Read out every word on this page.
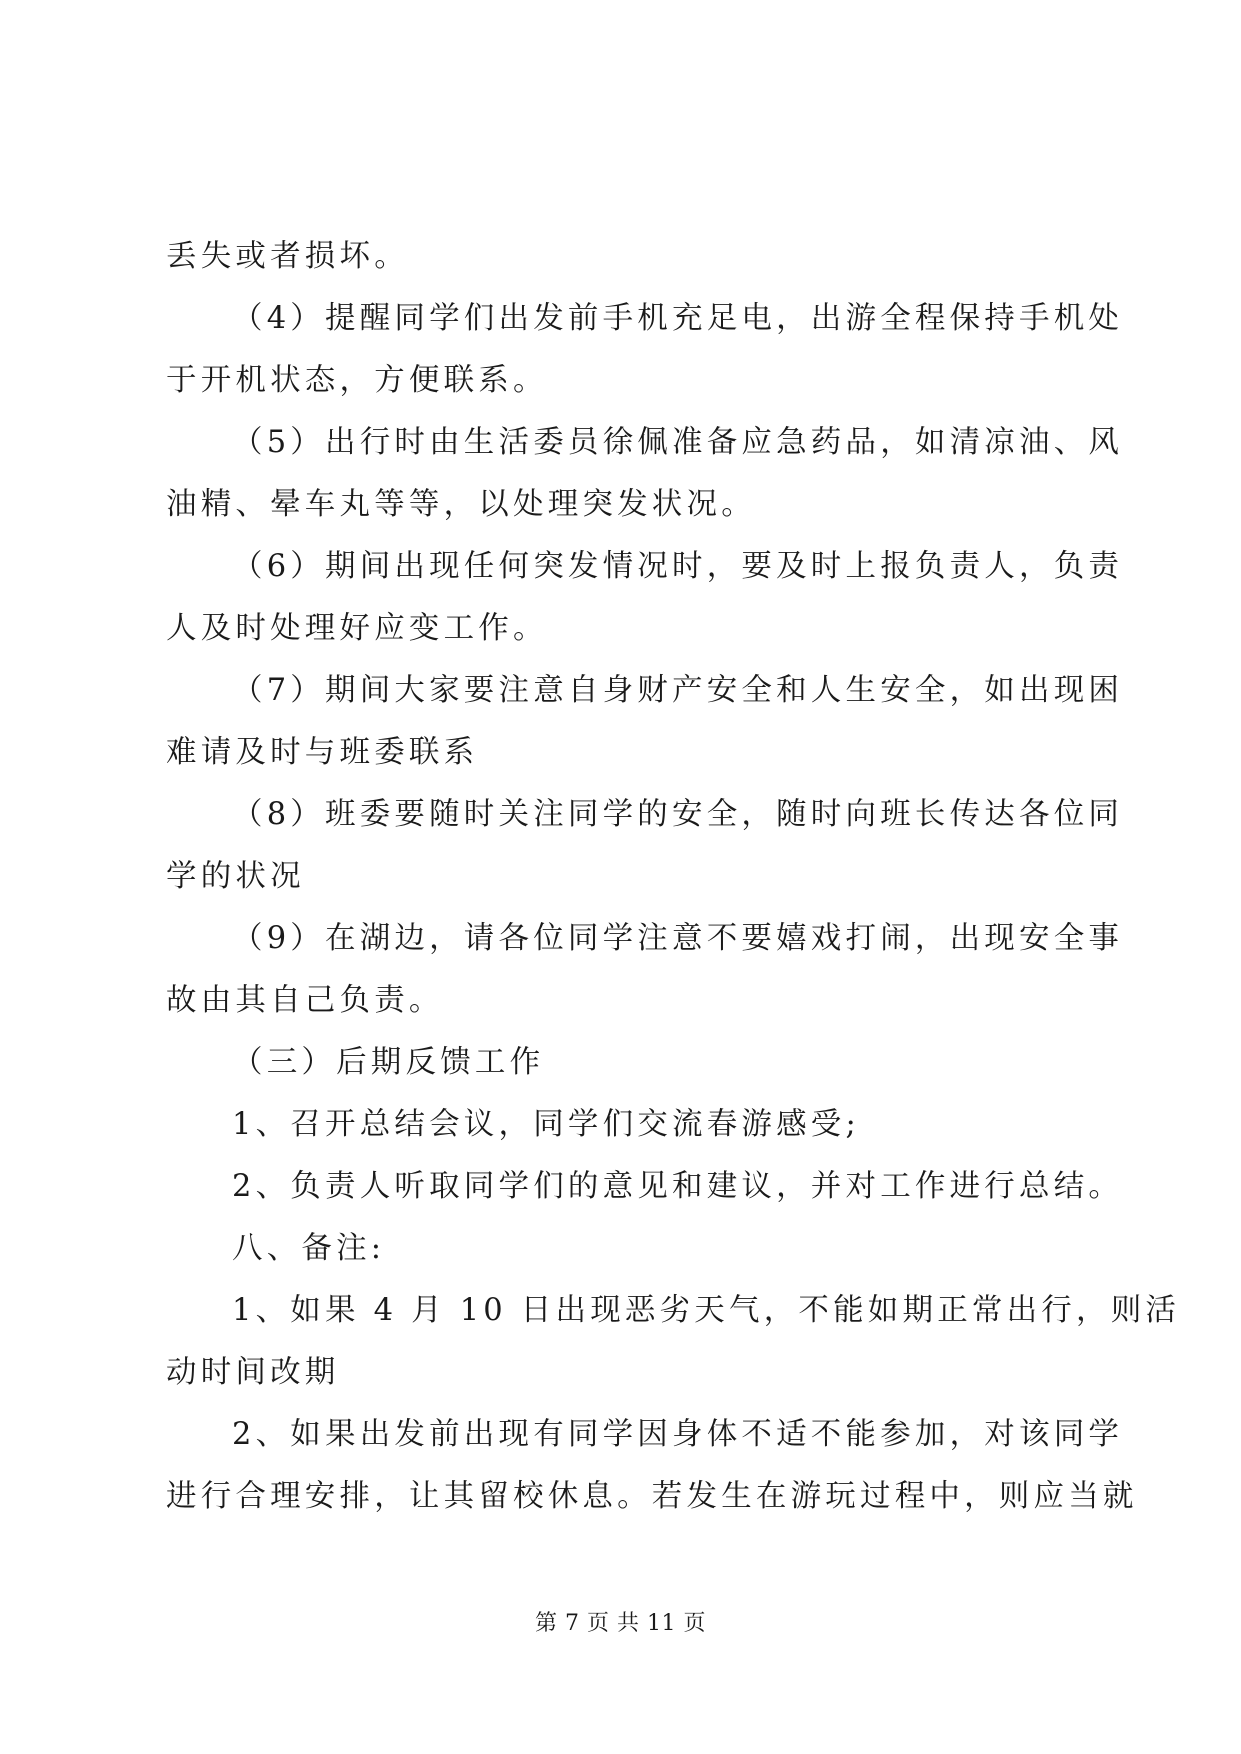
丢失或者损坏。
（4）提醒同学们出发前手机充足电，出游全程保持手机处
于开机状态，方便联系。
（5）出行时由生活委员徐佩准备应急药品，如清凉油、风
油精、晕车丸等等，以处理突发状况。
（6）期间出现任何突发情况时，要及时上报负责人，负责
人及时处理好应变工作。
（7）期间大家要注意自身财产安全和人生安全，如出现困
难请及时与班委联系
（8）班委要随时关注同学的安全，随时向班长传达各位同
学的状况
（9）在湖边，请各位同学注意不要嬉戏打闹，出现安全事
故由其自己负责。
（三）后期反馈工作
1、召开总结会议，同学们交流春游感受;
2、负责人听取同学们的意见和建议，并对工作进行总结。
八、备注:
1、如果 4 月 10 日出现恶劣天气，不能如期正常出行，则活
动时间改期
2、如果出发前出现有同学因身体不适不能参加，对该同学
进行合理安排，让其留校休息。若发生在游玩过程中，则应当就
第 7 页 共 11 页
